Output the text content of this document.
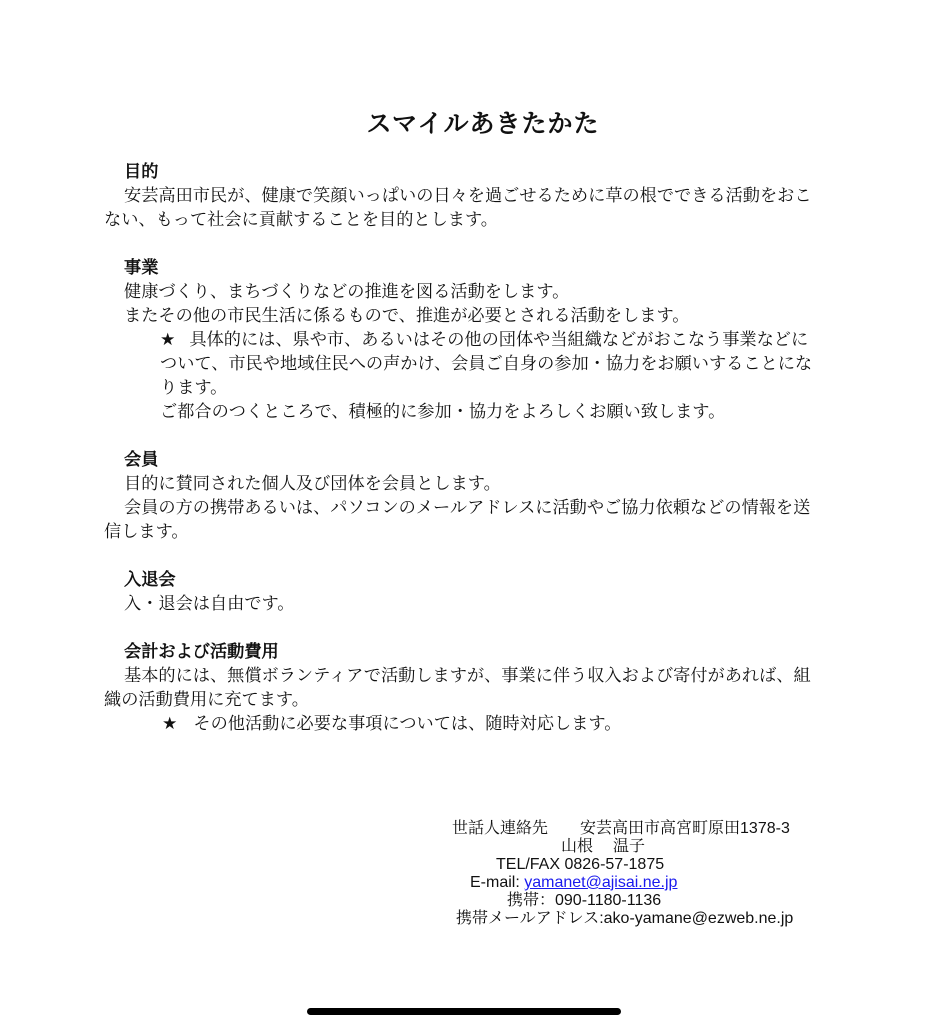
スマイルあきたかた

目的

安芸高田市民が、健康で笑顔いっぱいの日々を過ごせるために草の根でできる活動をおこない、もって社会に貢献することを目的とします。

事業

健康づくり、まちづくりなどの推進を図る活動をします。

またその他の市民生活に係るもので、推進が必要とされる活動をします。

★ 具体的には、県や市、あるいはその他の団体や当組織などがおこなう事業などについて、市民や地域住民への声かけ、会員ご自身の参加・協力をお願いすることになります。

ご都合のつくところで、積極的に参加・協力をよろしくお願い致します。

会員

目的に賛同された個人及び団体を会員とします。

会員の方の携帯あるいは、パソコンのメールアドレスに活動やご協力依頼などの情報を送信します。

入退会

入・退会は自由です。

会計および活動費用

基本的には、無償ボランティアで活動しますが、事業に伴う収入および寄付があれば、組織の活動費用に充てます。

★ その他活動に必要な事項については、随時対応します。

世話人連絡先 安芸高田市高宮町原田1378-3
山根 温子
TEL/FAX 0826-57-1875
E-mail: yamanet@ajisai.ne.jp
携帯：090-1180-1136
携帯メールアドレス:ako-yamane@ezweb.ne.jp
